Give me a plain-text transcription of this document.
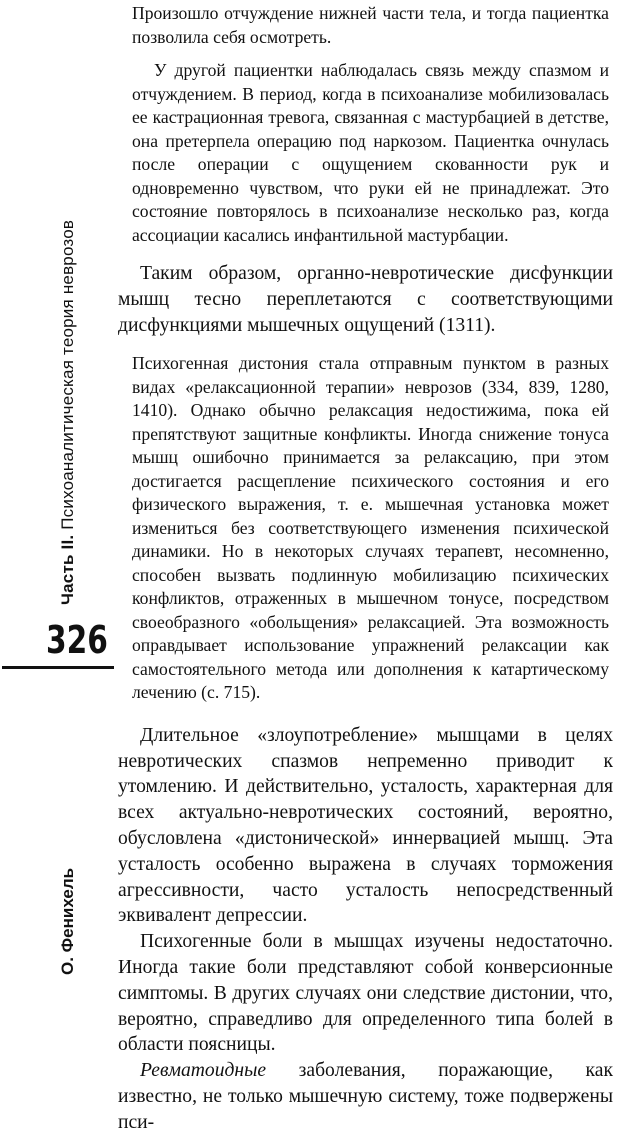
Часть II. Психоаналитическая теория неврозов
326
О. Фенихель

Произошло отчуждение нижней части тела, и тогда пациентка позволила себя осмотреть.

У другой пациентки наблюдалась связь между спазмом и отчуждением. В период, когда в психоанализе мобилизовалась ее кастрационная тревога, связанная с мастурбацией в детстве, она претерпела операцию под наркозом. Пациентка очнулась после операции с ощущением скованности рук и одновременно чувством, что руки ей не принадлежат. Это состояние повторялось в психоанализе несколько раз, когда ассоциации касались инфантильной мастурбации.

Таким образом, органно-невротические дисфункции мышц тесно переплетаются с соответствующими дисфункциями мышечных ощущений (1311).

Психогенная дистония стала отправным пунктом в разных видах «релаксационной терапии» неврозов (334, 839, 1280, 1410). Однако обычно релаксация недостижима, пока ей препятствуют защитные конфликты. Иногда снижение тонуса мышц ошибочно принимается за релаксацию, при этом достигается расщепление психического состояния и его физического выражения, т. е. мышечная установка может измениться без соответствующего изменения психической динамики. Но в некоторых случаях терапевт, несомненно, способен вызвать подлинную мобилизацию психических конфликтов, отраженных в мышечном тонусе, посредством своеобразного «обольщения» релаксацией. Эта возможность оправдывает использование упражнений релаксации как самостоятельного метода или дополнения к катартическому лечению (с. 715).

Длительное «злоупотребление» мышцами в целях невротических спазмов непременно приводит к утомлению. И действительно, усталость, характерная для всех актуально-невротических состояний, вероятно, обусловлена «дистонической» иннервацией мышц. Эта усталость особенно выражена в случаях торможения агрессивности, часто усталость непосредственный эквивалент депрессии.

Психогенные боли в мышцах изучены недостаточно. Иногда такие боли представляют собой конверсионные симптомы. В других случаях они следствие дистонии, что, вероятно, справедливо для определенного типа болей в области поясницы.

Ревматоидные заболевания, поражающие, как известно, не только мышечную систему, тоже подвержены пси-
